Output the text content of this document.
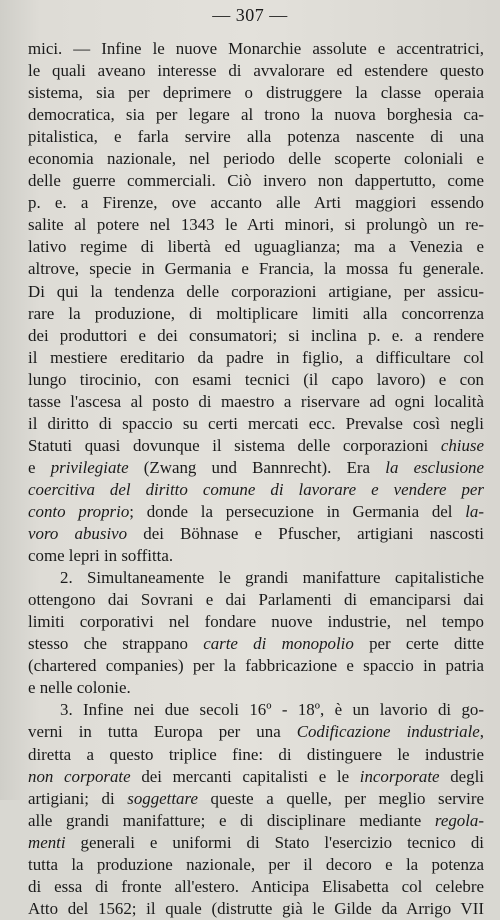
— 307 —
mici. — Infine le nuove Monarchie assolute e accentratrici,
le quali aveano interesse di avvalorare ed estendere questo
sistema, sia per deprimere o distruggere la classe operaia
democratica, sia per legare al trono la nuova borghesia ca-
pitalistica, e farla servire alla potenza nascente di una
economia nazionale, nel periodo delle scoperte coloniali e
delle guerre commerciali. Ciò invero non dappertutto, come
p. e. a Firenze, ove accanto alle Arti maggiori essendo
salite al potere nel 1343 le Arti minori, si prolungò un re-
lativo regime di libertà ed uguaglianza; ma a Venezia e
altrove, specie in Germania e Francia, la mossa fu generale.
Di qui la tendenza delle corporazioni artigiane, per assicu-
rare la produzione, di moltiplicare limiti alla concorrenza
dei produttori e dei consumatori; si inclina p. e. a rendere
il mestiere ereditario da padre in figlio, a difficultare col
lungo tirocinio, con esami tecnici (il capo lavoro) e con
tasse l'ascesa al posto di maestro a riservare ad ogni località
il diritto di spaccio su certi mercati ecc. Prevalse così negli
Statuti quasi dovunque il sistema delle corporazioni chiuse
e privilegiate (Zwang und Bannrecht). Era la esclusione
coercitiva del diritto comune di lavorare e vendere per
conto proprio; donde la persecuzione in Germania del la-
voro abusivo dei Böhnase e Pfuscher, artigiani nascosti
come lepri in soffitta.
2. Simultaneamente le grandi manifatture capitalistiche
ottengono dai Sovrani e dai Parlamenti di emanciparsi dai
limiti corporativi nel fondare nuove industrie, nel tempo
stesso che strappano carte di monopolio per certe ditte
(chartered companies) per la fabbricazione e spaccio in patria
e nelle colonie.
3. Infine nei due secoli 16º - 18º, è un lavorio di go-
verni in tutta Europa per una Codificazione industriale,
diretta a questo triplice fine: di distinguere le industrie
non corporate dei mercanti capitalisti e le incorporate degli
artigiani; di soggettare queste a quelle, per meglio servire
alle grandi manifatture; e di disciplinare mediante regola-
menti generali e uniformi di Stato l'esercizio tecnico di
tutta la produzione nazionale, per il decoro e la potenza
di essa di fronte all'estero. Anticipa Elisabetta col celebre
Atto del 1562; il quale (distrutte già le Gilde da Arrigo VII
